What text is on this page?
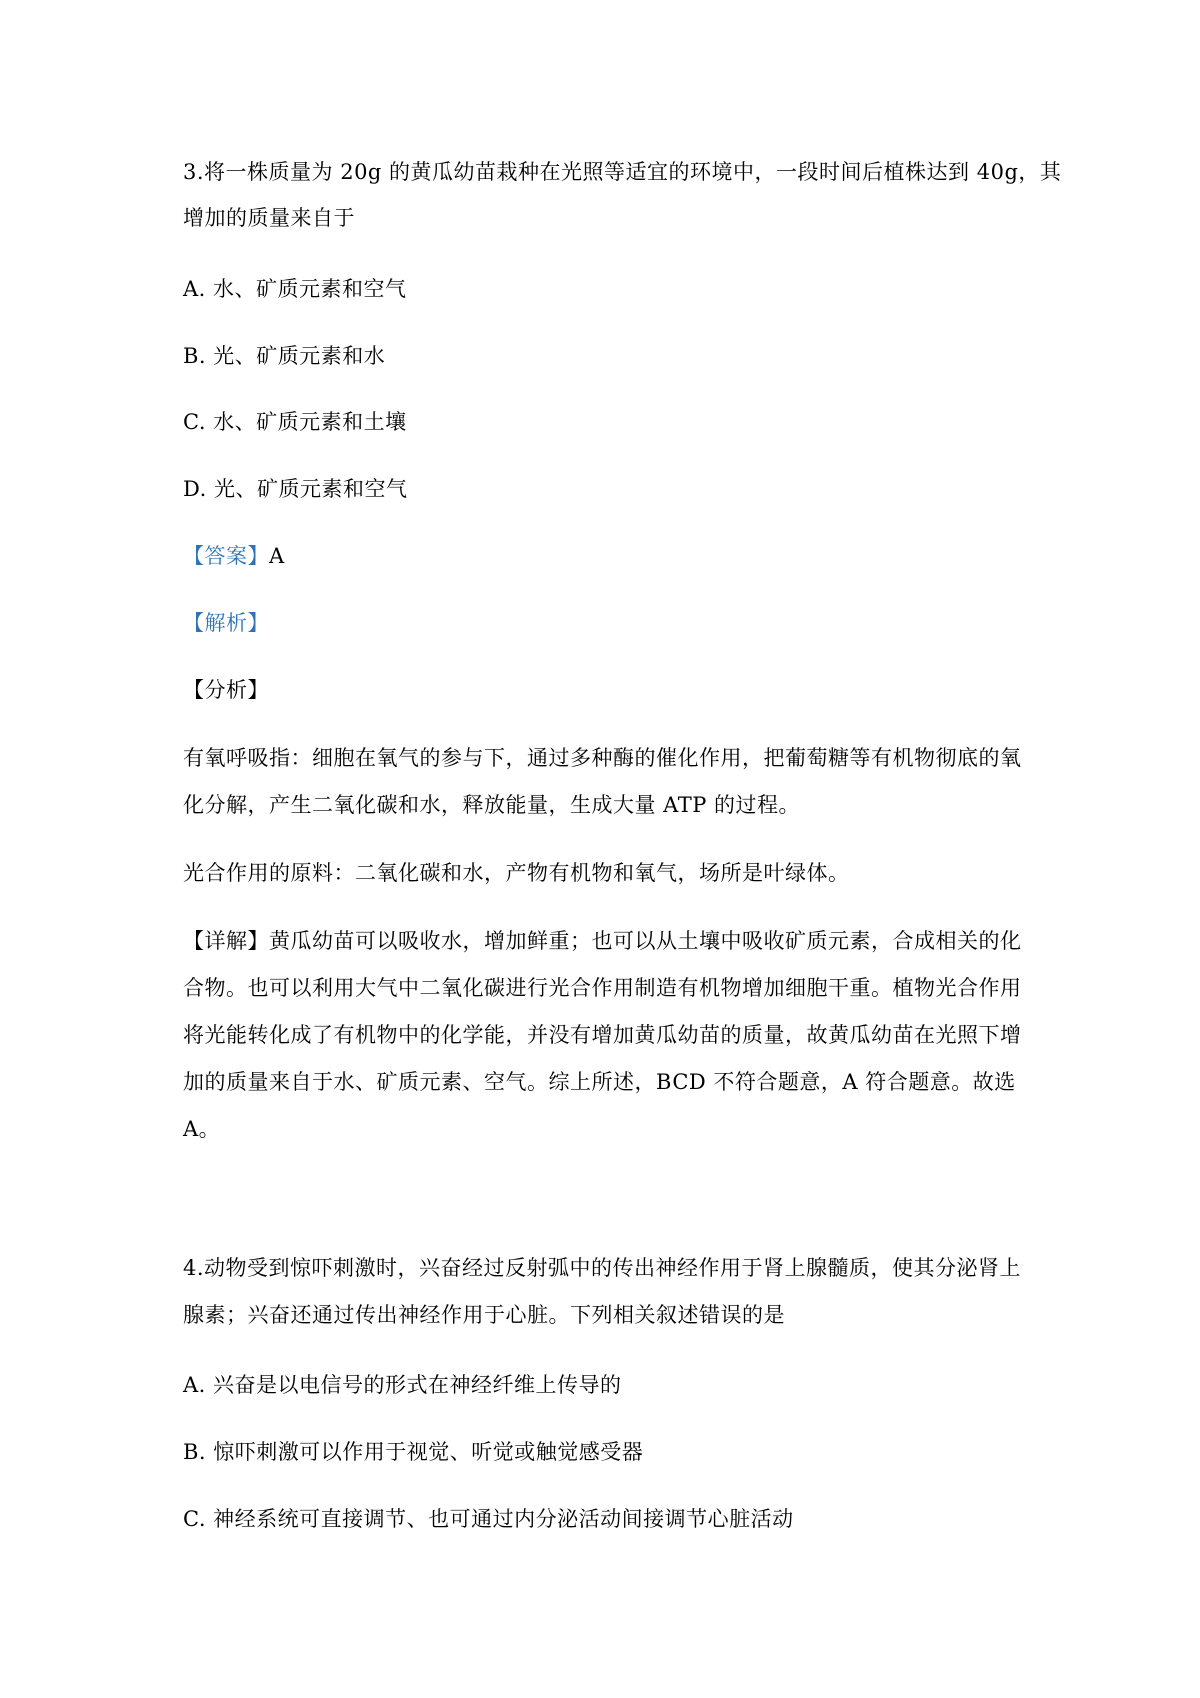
3.将一株质量为 20g 的黄瓜幼苗栽种在光照等适宜的环境中，一段时间后植株达到 40g，其
增加的质量来自于
A. 水、矿质元素和空气
B. 光、矿质元素和水
C. 水、矿质元素和土壤
D. 光、矿质元素和空气
【答案】A
【解析】
【分析】
有氧呼吸指：细胞在氧气的参与下，通过多种酶的催化作用，把葡萄糖等有机物彻底的氧
化分解，产生二氧化碳和水，释放能量，生成大量 ATP 的过程。
光合作用的原料：二氧化碳和水，产物有机物和氧气，场所是叶绿体。
【详解】黄瓜幼苗可以吸收水，增加鲜重；也可以从土壤中吸收矿质元素，合成相关的化
合物。也可以利用大气中二氧化碳进行光合作用制造有机物增加细胞干重。植物光合作用
将光能转化成了有机物中的化学能，并没有增加黄瓜幼苗的质量，故黄瓜幼苗在光照下增
加的质量来自于水、矿质元素、空气。综上所述，BCD 不符合题意，A 符合题意。故选
A。
4.动物受到惊吓刺激时，兴奋经过反射弧中的传出神经作用于肾上腺髓质，使其分泌肾上
腺素；兴奋还通过传出神经作用于心脏。下列相关叙述错误的是
A. 兴奋是以电信号的形式在神经纤维上传导的
B. 惊吓刺激可以作用于视觉、听觉或触觉感受器
C. 神经系统可直接调节、也可通过内分泌活动间接调节心脏活动
